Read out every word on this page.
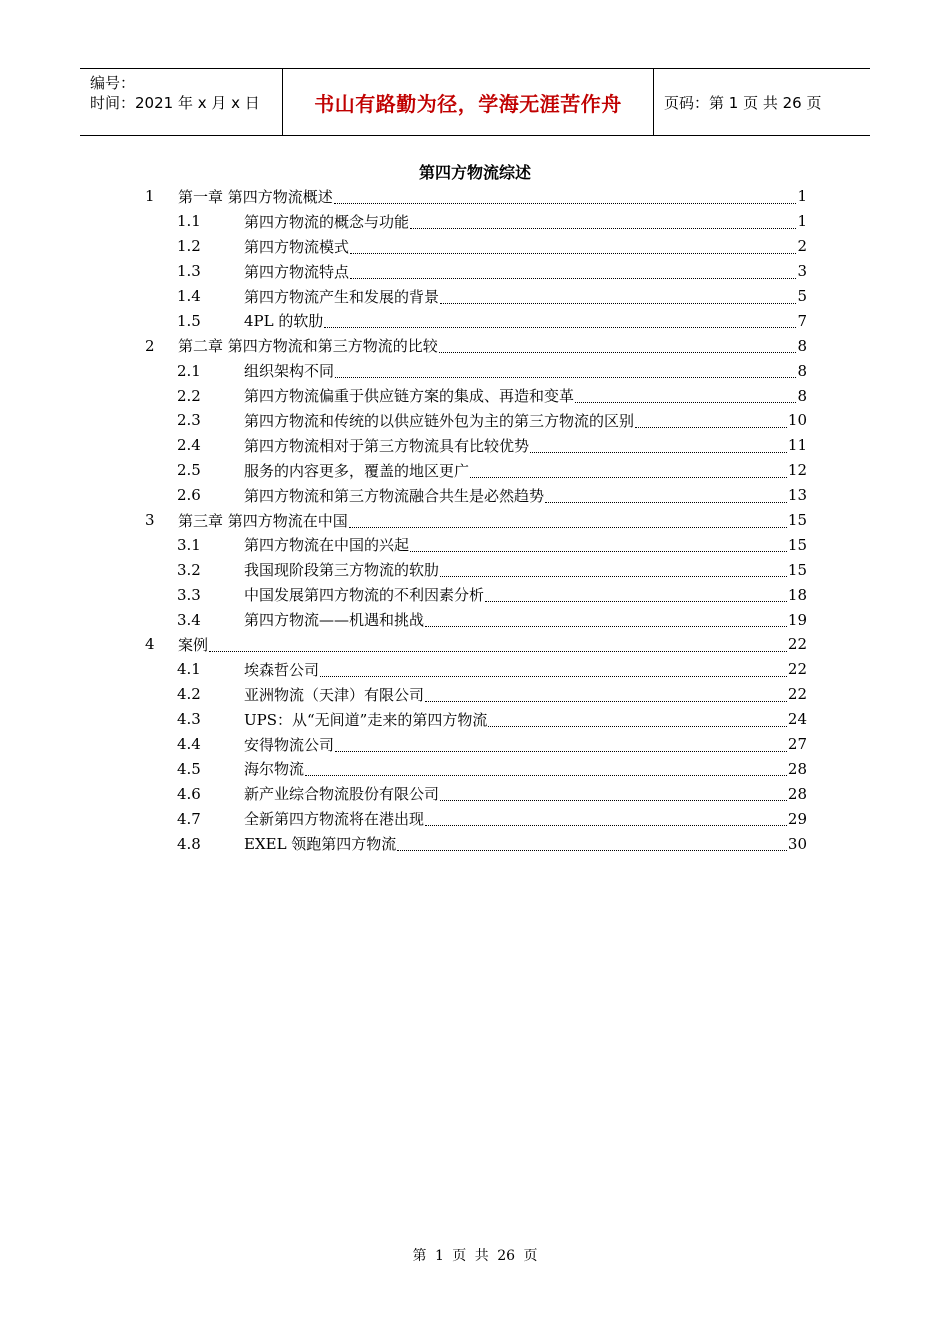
编号：
时间：2021 年 x 月 x 日	书山有路勤为径，学海无涯苦作舟	页码：第 1 页 共 26 页
第四方物流综述
1	第一章 第四方物流概述	1
1.1	第四方物流的概念与功能	1
1.2	第四方物流模式	2
1.3	第四方物流特点	3
1.4	第四方物流产生和发展的背景	5
1.5	4PL 的软肋	7
2	第二章 第四方物流和第三方物流的比较	8
2.1	组织架构不同	8
2.2	第四方物流偏重于供应链方案的集成、再造和变革	8
2.3	第四方物流和传统的以供应链外包为主的第三方物流的区别	10
2.4	第四方物流相对于第三方物流具有比较优势	11
2.5	服务的内容更多，覆盖的地区更广	12
2.6	第四方物流和第三方物流融合共生是必然趋势	13
3	第三章 第四方物流在中国	15
3.1	第四方物流在中国的兴起	15
3.2	我国现阶段第三方物流的软肋	15
3.3	中国发展第四方物流的不利因素分析	18
3.4	第四方物流——机遇和挑战	19
4	案例	22
4.1	埃森哲公司	22
4.2	亚洲物流（天津）有限公司	22
4.3	UPS：从“无间道”走来的第四方物流	24
4.4	安得物流公司	27
4.5	海尔物流	28
4.6	新产业综合物流股份有限公司	28
4.7	全新第四方物流将在港出现	29
4.8	EXEL 领跑第四方物流	30
第 1 页 共 26 页
